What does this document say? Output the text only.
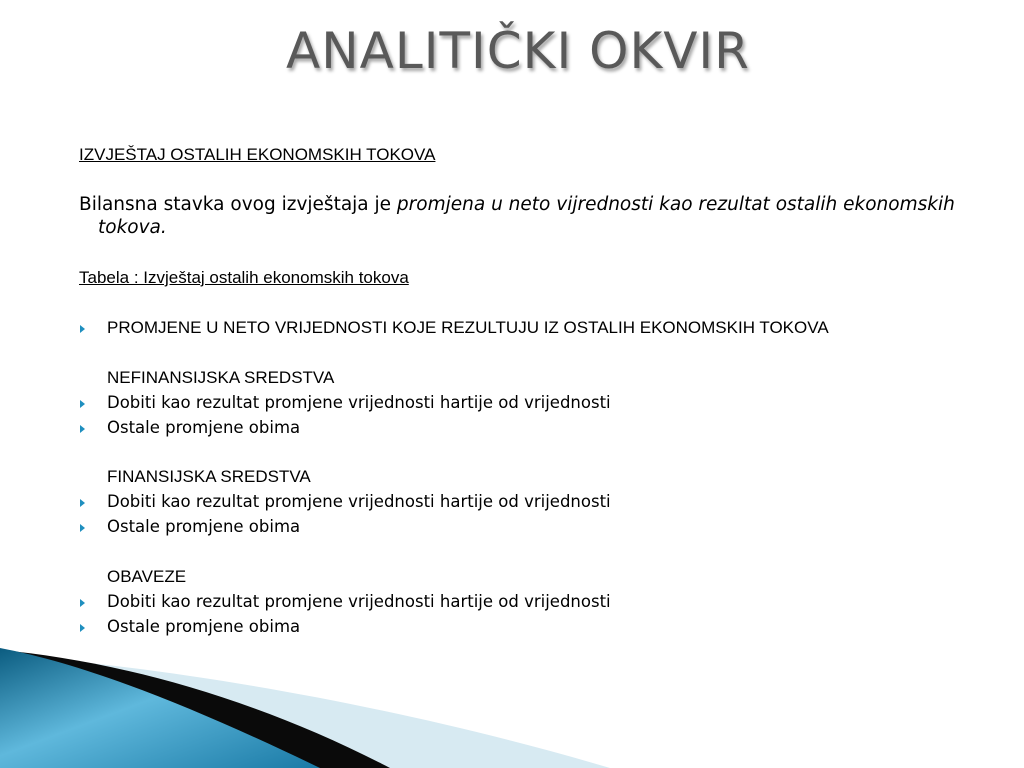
ANALITIČKI OKVIR

IZVJEŠTAJ OSTALIH EKONOMSKIH TOKOVA

Bilansna stavka ovog izvještaja je promjena u neto vijrednosti kao rezultat ostalih ekonomskih tokova.

Tabela : Izvještaj ostalih ekonomskih tokova

PROMJENE U NETO VRIJEDNOSTI KOJE REZULTUJU IZ OSTALIH EKONOMSKIH TOKOVA

NEFINANSIJSKA SREDSTVA

Dobiti kao rezultat promjene vrijednosti hartije od vrijednosti

Ostale promjene obima

FINANSIJSKA SREDSTVA

Dobiti kao rezultat promjene vrijednosti hartije od vrijednosti

Ostale promjene obima

OBAVEZE

Dobiti kao rezultat promjene vrijednosti hartije od vrijednosti

Ostale promjene obima
